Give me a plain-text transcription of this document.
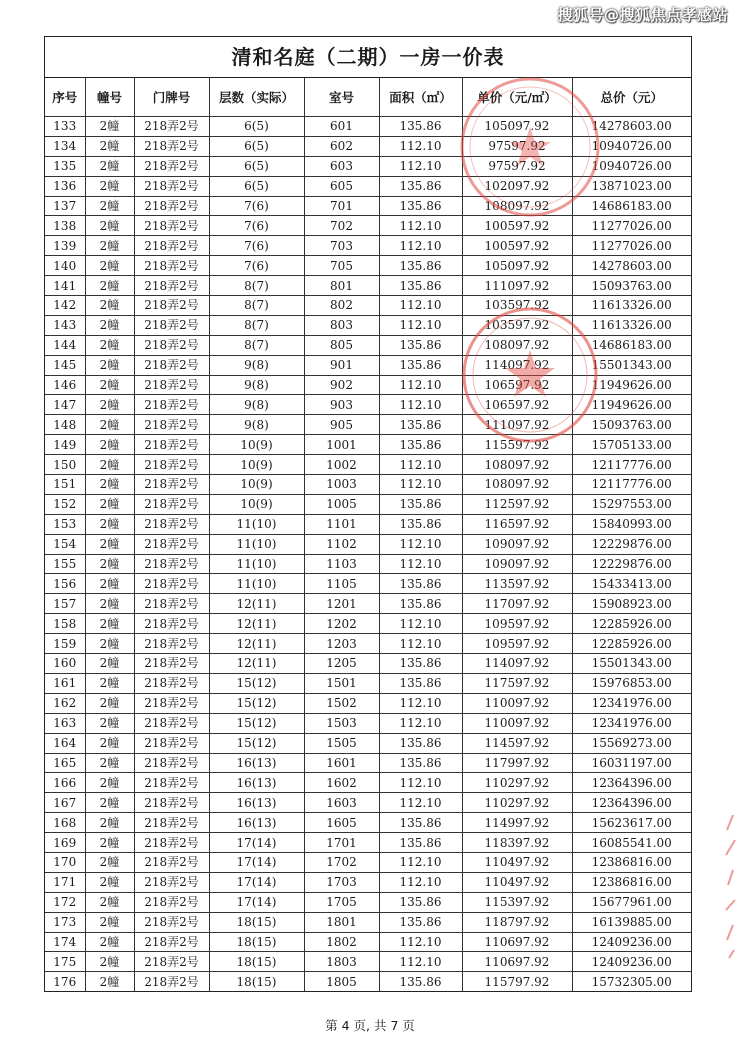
搜狐号@搜狐焦点孝感站
清和名庭（二期）一房一价表
序号	幢号	门牌号	层数（实际）	室号	面积（㎡）	单价（元/㎡）	总价（元）
133	2幢	218弄2号	6(5)	601	135.86	105097.92	14278603.00
134	2幢	218弄2号	6(5)	602	112.10	97597.92	10940726.00
135	2幢	218弄2号	6(5)	603	112.10	97597.92	10940726.00
136	2幢	218弄2号	6(5)	605	135.86	102097.92	13871023.00
137	2幢	218弄2号	7(6)	701	135.86	108097.92	14686183.00
138	2幢	218弄2号	7(6)	702	112.10	100597.92	11277026.00
139	2幢	218弄2号	7(6)	703	112.10	100597.92	11277026.00
140	2幢	218弄2号	7(6)	705	135.86	105097.92	14278603.00
141	2幢	218弄2号	8(7)	801	135.86	111097.92	15093763.00
142	2幢	218弄2号	8(7)	802	112.10	103597.92	11613326.00
143	2幢	218弄2号	8(7)	803	112.10	103597.92	11613326.00
144	2幢	218弄2号	8(7)	805	135.86	108097.92	14686183.00
145	2幢	218弄2号	9(8)	901	135.86	114097.92	15501343.00
146	2幢	218弄2号	9(8)	902	112.10	106597.92	11949626.00
147	2幢	218弄2号	9(8)	903	112.10	106597.92	11949626.00
148	2幢	218弄2号	9(8)	905	135.86	111097.92	15093763.00
149	2幢	218弄2号	10(9)	1001	135.86	115597.92	15705133.00
150	2幢	218弄2号	10(9)	1002	112.10	108097.92	12117776.00
151	2幢	218弄2号	10(9)	1003	112.10	108097.92	12117776.00
152	2幢	218弄2号	10(9)	1005	135.86	112597.92	15297553.00
153	2幢	218弄2号	11(10)	1101	135.86	116597.92	15840993.00
154	2幢	218弄2号	11(10)	1102	112.10	109097.92	12229876.00
155	2幢	218弄2号	11(10)	1103	112.10	109097.92	12229876.00
156	2幢	218弄2号	11(10)	1105	135.86	113597.92	15433413.00
157	2幢	218弄2号	12(11)	1201	135.86	117097.92	15908923.00
158	2幢	218弄2号	12(11)	1202	112.10	109597.92	12285926.00
159	2幢	218弄2号	12(11)	1203	112.10	109597.92	12285926.00
160	2幢	218弄2号	12(11)	1205	135.86	114097.92	15501343.00
161	2幢	218弄2号	15(12)	1501	135.86	117597.92	15976853.00
162	2幢	218弄2号	15(12)	1502	112.10	110097.92	12341976.00
163	2幢	218弄2号	15(12)	1503	112.10	110097.92	12341976.00
164	2幢	218弄2号	15(12)	1505	135.86	114597.92	15569273.00
165	2幢	218弄2号	16(13)	1601	135.86	117997.92	16031197.00
166	2幢	218弄2号	16(13)	1602	112.10	110297.92	12364396.00
167	2幢	218弄2号	16(13)	1603	112.10	110297.92	12364396.00
168	2幢	218弄2号	16(13)	1605	135.86	114997.92	15623617.00
169	2幢	218弄2号	17(14)	1701	135.86	118397.92	16085541.00
170	2幢	218弄2号	17(14)	1702	112.10	110497.92	12386816.00
171	2幢	218弄2号	17(14)	1703	112.10	110497.92	12386816.00
172	2幢	218弄2号	17(14)	1705	135.86	115397.92	15677961.00
173	2幢	218弄2号	18(15)	1801	135.86	118797.92	16139885.00
174	2幢	218弄2号	18(15)	1802	112.10	110697.92	12409236.00
175	2幢	218弄2号	18(15)	1803	112.10	110697.92	12409236.00
176	2幢	218弄2号	18(15)	1805	135.86	115797.92	15732305.00
第 4 页, 共 7 页
